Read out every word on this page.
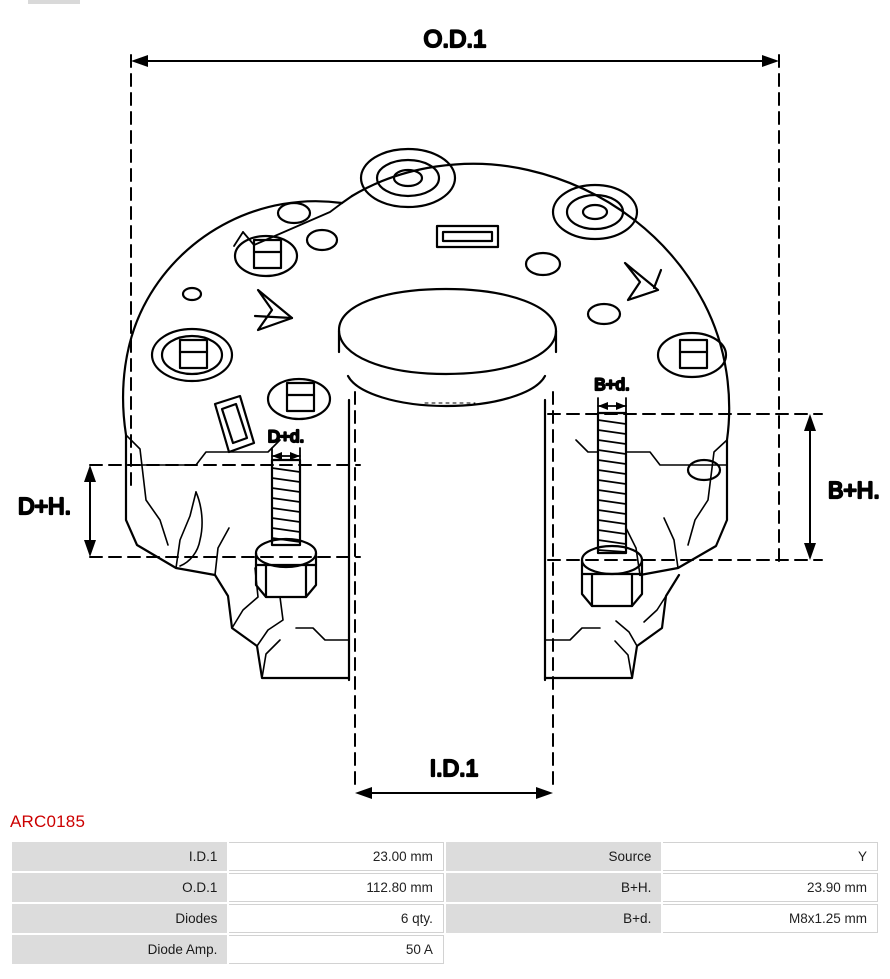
O.D.1
I.D.1
D+H.
B+H.
D+d.
B+d.
ARC0185
I.D.1	23.00 mm	Source	Y
O.D.1	112.80 mm	B+H.	23.90 mm
Diodes	6 qty.	B+d.	M8x1.25 mm
Diode Amp.	50 A		
